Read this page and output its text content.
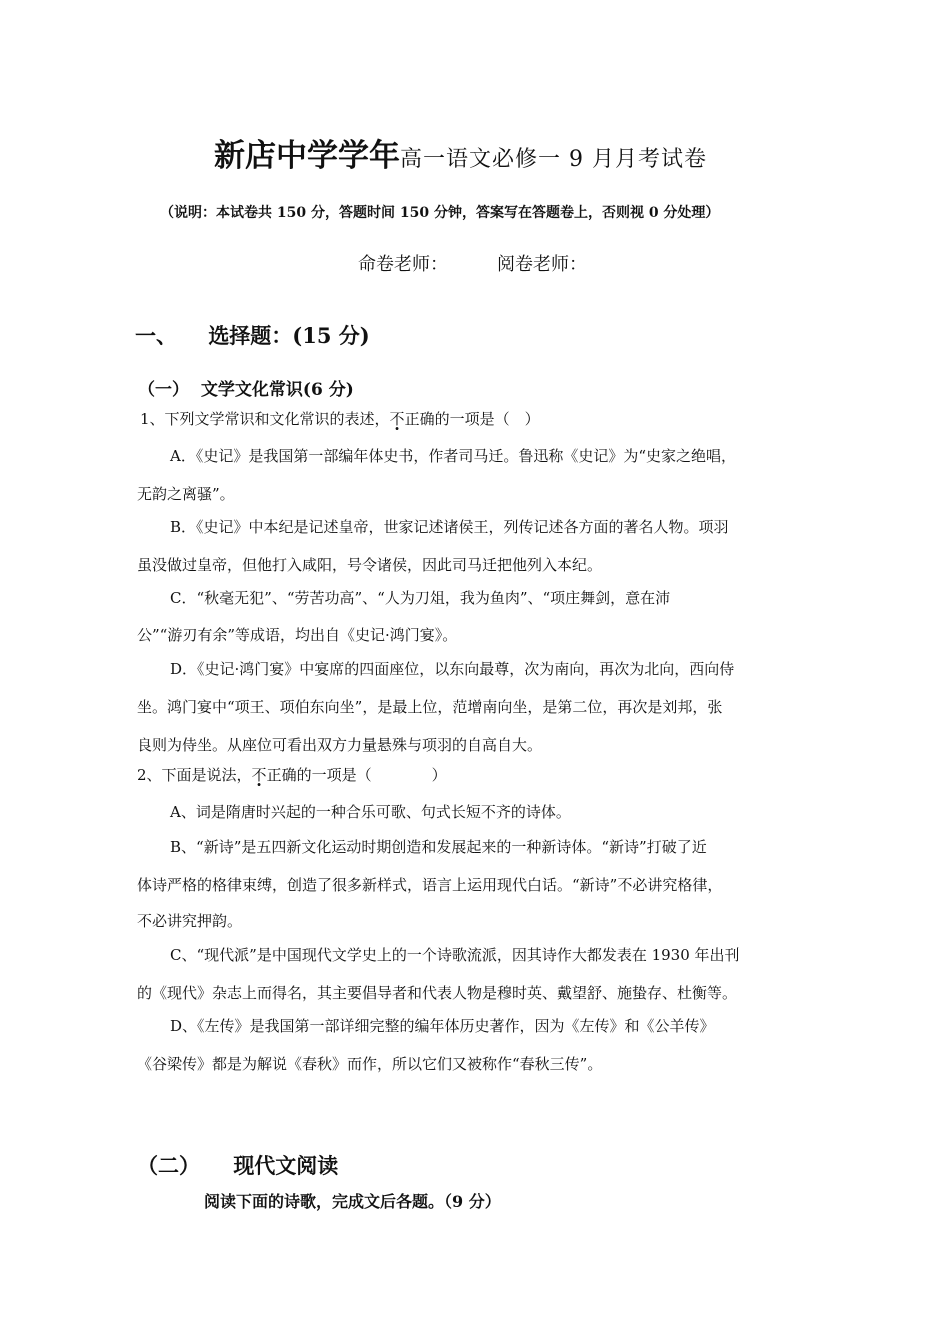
新店中学学年高一语文必修一 9 月月考试卷
（说明：本试卷共 150 分，答题时间 150 分钟，答案写在答题卷上，否则视 0 分处理）
命卷老师：	阅卷老师：
一、 选择题：(15 分)
（一） 文学文化常识(6 分)
1、下列文学常识和文化常识的表述，不正确的一项是（　）
A．《史记》是我国第一部编年体史书，作者司马迁。鲁迅称《史记》为“史家之绝唱，
无韵之离骚”。
B．《史记》中本纪是记述皇帝，世家记述诸侯王，列传记述各方面的著名人物。项羽
虽没做过皇帝，但他打入咸阳，号令诸侯，因此司马迁把他列入本纪。
C．“秋毫无犯”、“劳苦功高”、“人为刀俎，我为鱼肉”、“项庄舞剑，意在沛
公”“游刃有余”等成语，均出自《史记·鸿门宴》。
D．《史记·鸿门宴》中宴席的四面座位，以东向最尊，次为南向，再次为北向，西向侍
坐。鸿门宴中“项王、项伯东向坐”，是最上位，范增南向坐，是第二位，再次是刘邦，张
良则为侍坐。从座位可看出双方力量悬殊与项羽的自高自大。
2、下面是说法，不正确的一项是（　　　　）
A、词是隋唐时兴起的一种合乐可歌、句式长短不齐的诗体。
B、“新诗”是五四新文化运动时期创造和发展起来的一种新诗体。“新诗”打破了近
体诗严格的格律束缚，创造了很多新样式，语言上运用现代白话。“新诗”不必讲究格律，
不必讲究押韵。
C、“现代派”是中国现代文学史上的一个诗歌流派，因其诗作大都发表在 1930 年出刊
的《现代》杂志上而得名，其主要倡导者和代表人物是穆时英、戴望舒、施蛰存、杜衡等。
D、《左传》是我国第一部详细完整的编年体历史著作，因为《左传》和《公羊传》
《谷梁传》都是为解说《春秋》而作，所以它们又被称作“春秋三传”。
（二） 现代文阅读
阅读下面的诗歌，完成文后各题。（9 分）
